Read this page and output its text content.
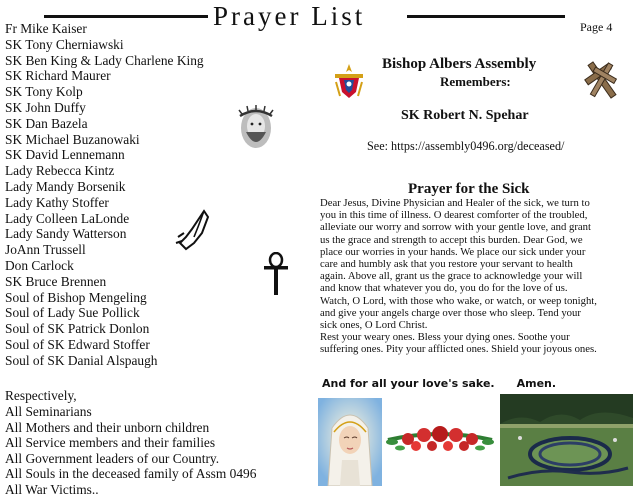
Prayer List	Page 4
Fr Mike Kaiser
SK Tony Cherniawski
SK Ben King & Lady Charlene King
SK Richard Maurer
SK Tony Kolp
SK John Duffy
SK Dan Bazela
SK Michael Buzanowaki
SK David Lennemann
Lady Rebecca Kintz
Lady Mandy Borsenik
Lady Kathy Stoffer
Lady Colleen LaLonde
Lady Sandy Watterson
JoAnn Trussell
Don Carlock
SK Bruce Brennen
Soul of Bishop Mengeling
Soul of Lady Sue Pollick
Soul of SK Patrick Donlon
Soul of SK Edward Stoffer
Soul of SK Danial Alspaugh
Respectively,
All Seminarians
All Mothers and their unborn children
All Service members and their families
All Government leaders of our Country.
All Souls in the deceased family of Assm 0496
All War Victims..
Bishop Albers Assembly
Remembers:
SK Robert N. Spehar
See: https://assembly0496.org/deceased/
Prayer for the Sick
Dear Jesus, Divine Physician and Healer of the sick, we turn to
you in this time of illness. O dearest comforter of the troubled,
alleviate our worry and sorrow with your gentle love, and grant
us the grace and strength to accept this burden. Dear God, we
place our worries in your hands. We place our sick under your
care and humbly ask that you restore your servant to health
again. Above all, grant us the grace to acknowledge your will
and know that whatever you do, you do for the love of us.
Watch, O Lord, with those who wake, or watch, or weep tonight,
and give your angels charge over those who sleep. Tend your
sick ones, O Lord Christ.
Rest your weary ones. Bless your dying ones. Soothe your
suffering ones. Pity your afflicted ones. Shield your joyous ones.
And for all your love's sake. Amen.
